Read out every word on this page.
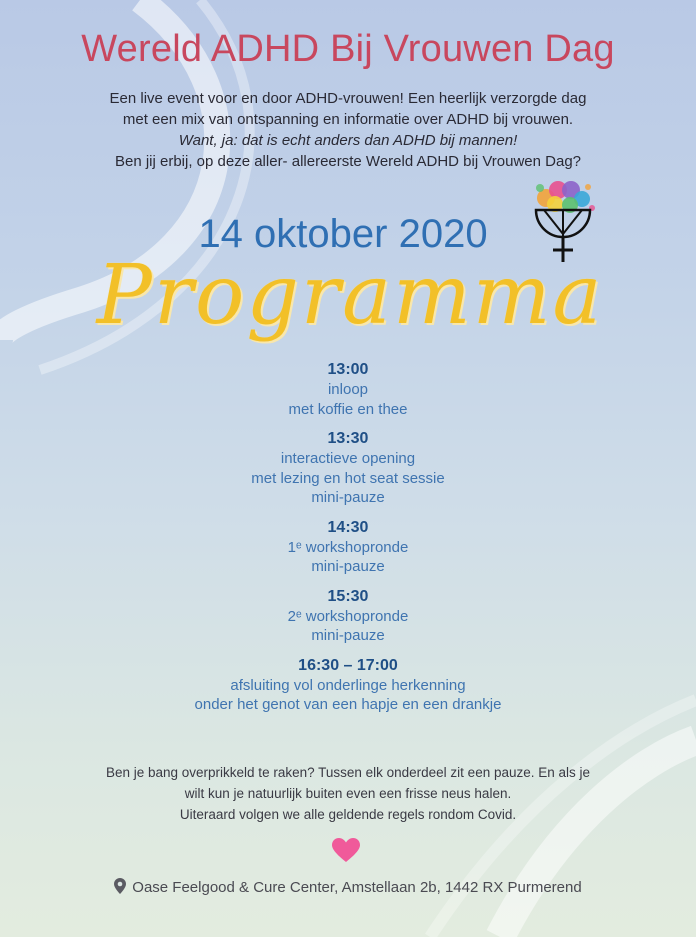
Wereld ADHD Bij Vrouwen Dag
Een live event voor en door ADHD-vrouwen! Een heerlijk verzorgde dag
met een mix van ontspanning en informatie over ADHD bij vrouwen.
Want, ja: dat is echt anders dan ADHD bij mannen!
Ben jij erbij, op deze aller- allereerste Wereld ADHD bij Vrouwen Dag?
14 oktober 2020
Programma
13:00
inloop
met koffie en thee
13:30
interactieve opening
met lezing en hot seat sessie
mini-pauze
14:30
1ᵉ workshopronde
mini-pauze
15:30
2ᵉ workshopronde
mini-pauze
16:30 – 17:00
afsluiting vol onderlinge herkenning
onder het genot van een hapje en een drankje
Ben je bang overprikkeld te raken? Tussen elk onderdeel zit een pauze. En als je
wilt kun je natuurlijk buiten even een frisse neus halen.
Uiteraard volgen we alle geldende regels rondom Covid.
Oase Feelgood & Cure Center, Amstellaan 2b, 1442 RX Purmerend
